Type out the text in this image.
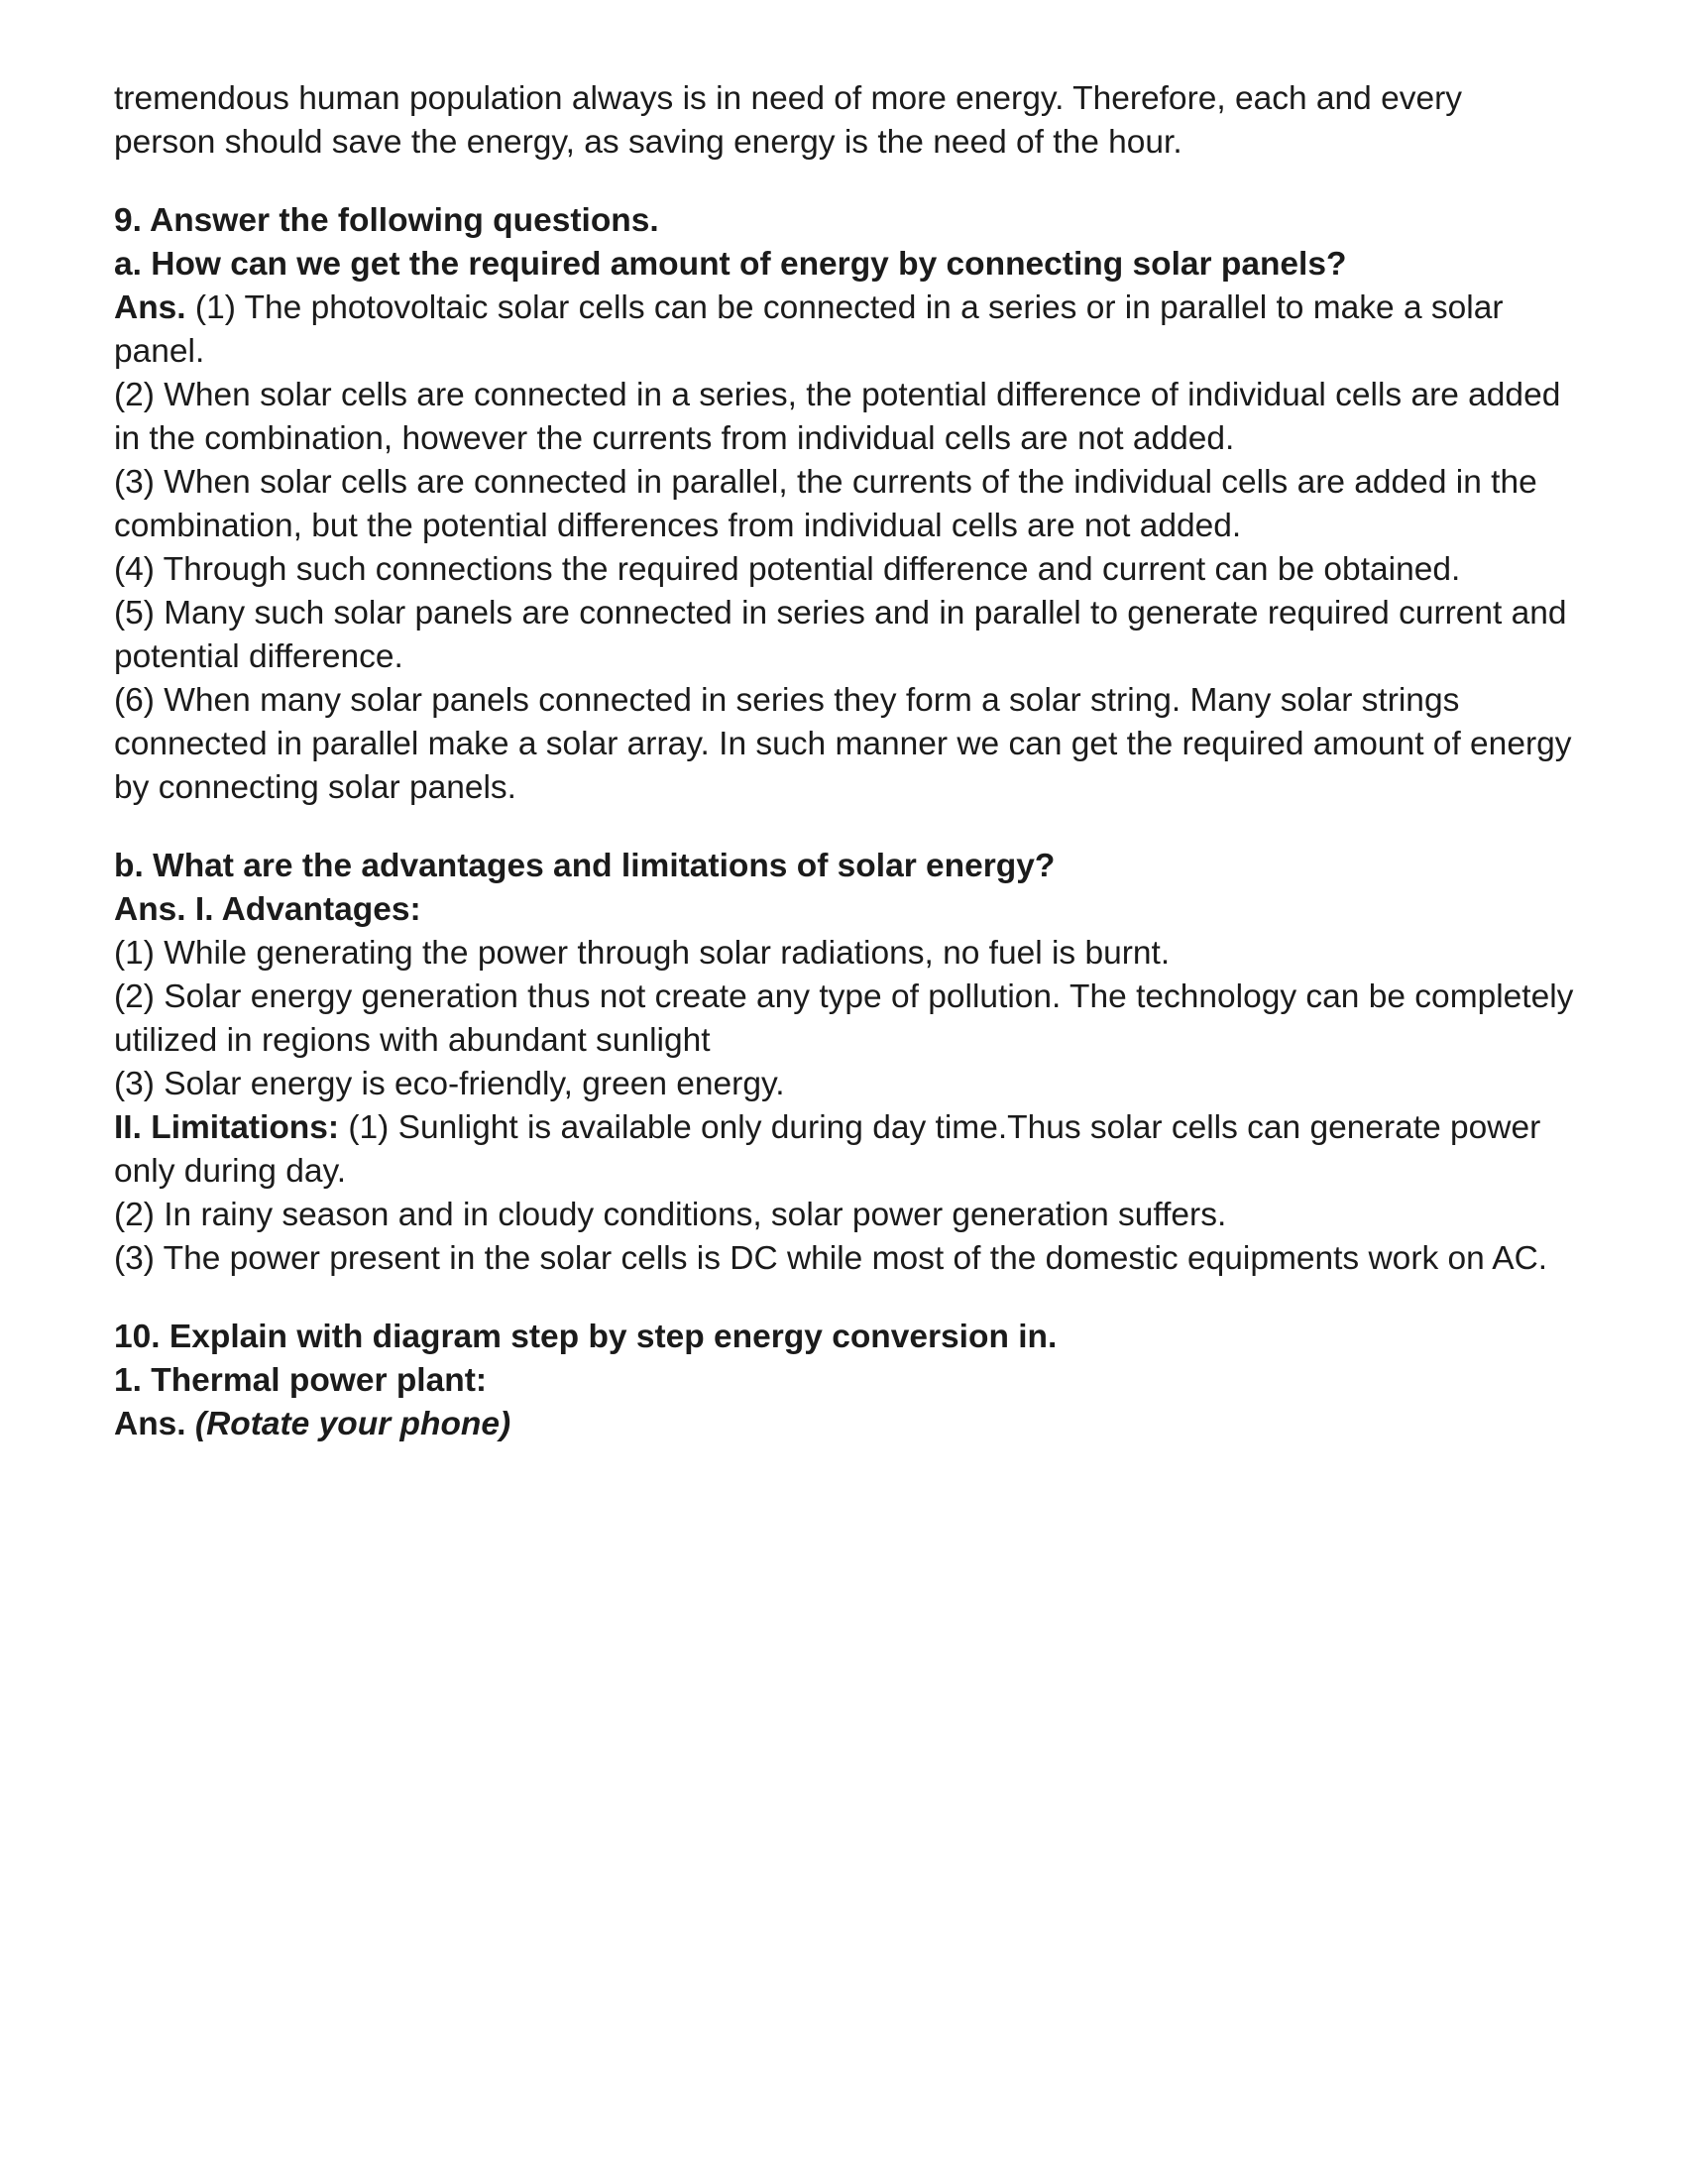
tremendous human population always is in need of more energy. Therefore, each and every

person should save the energy, as saving energy is the need of the hour.

9. Answer the following questions.

a. How can we get the required amount of energy by connecting solar panels?

Ans. (1) The photovoltaic solar cells can be connected in a series or in parallel to make a solar panel.

(2) When solar cells are connected in a series, the potential difference of individual cells are added in the combination, however the currents from individual cells are not added.

(3) When solar cells are connected in parallel, the currents of the individual cells are added in the combination, but the potential differences from individual cells are not added.

(4) Through such connections the required potential difference and current can be obtained.

(5) Many such solar panels are connected in series and in parallel to generate required current and potential difference.

(6) When many solar panels connected in series they form a solar string. Many solar strings connected in parallel make a solar array. In such manner we can get the required amount of energy by connecting solar panels.

b. What are the advantages and limitations of solar energy?

Ans. I. Advantages:

(1) While generating the power through solar radiations, no fuel is burnt.

(2) Solar energy generation thus not create any type of pollution. The technology can be completely utilized in regions with abundant sunlight

(3) Solar energy is eco-friendly, green energy.

II. Limitations: (1) Sunlight is available only during day time.Thus solar cells can generate power only during day.

(2) In rainy season and in cloudy conditions, solar power generation suffers.

(3) The power present in the solar cells is DC while most of the domestic equipments work on AC.

10. Explain with diagram step by step energy conversion in.

1. Thermal power plant:

Ans. (Rotate your phone)
